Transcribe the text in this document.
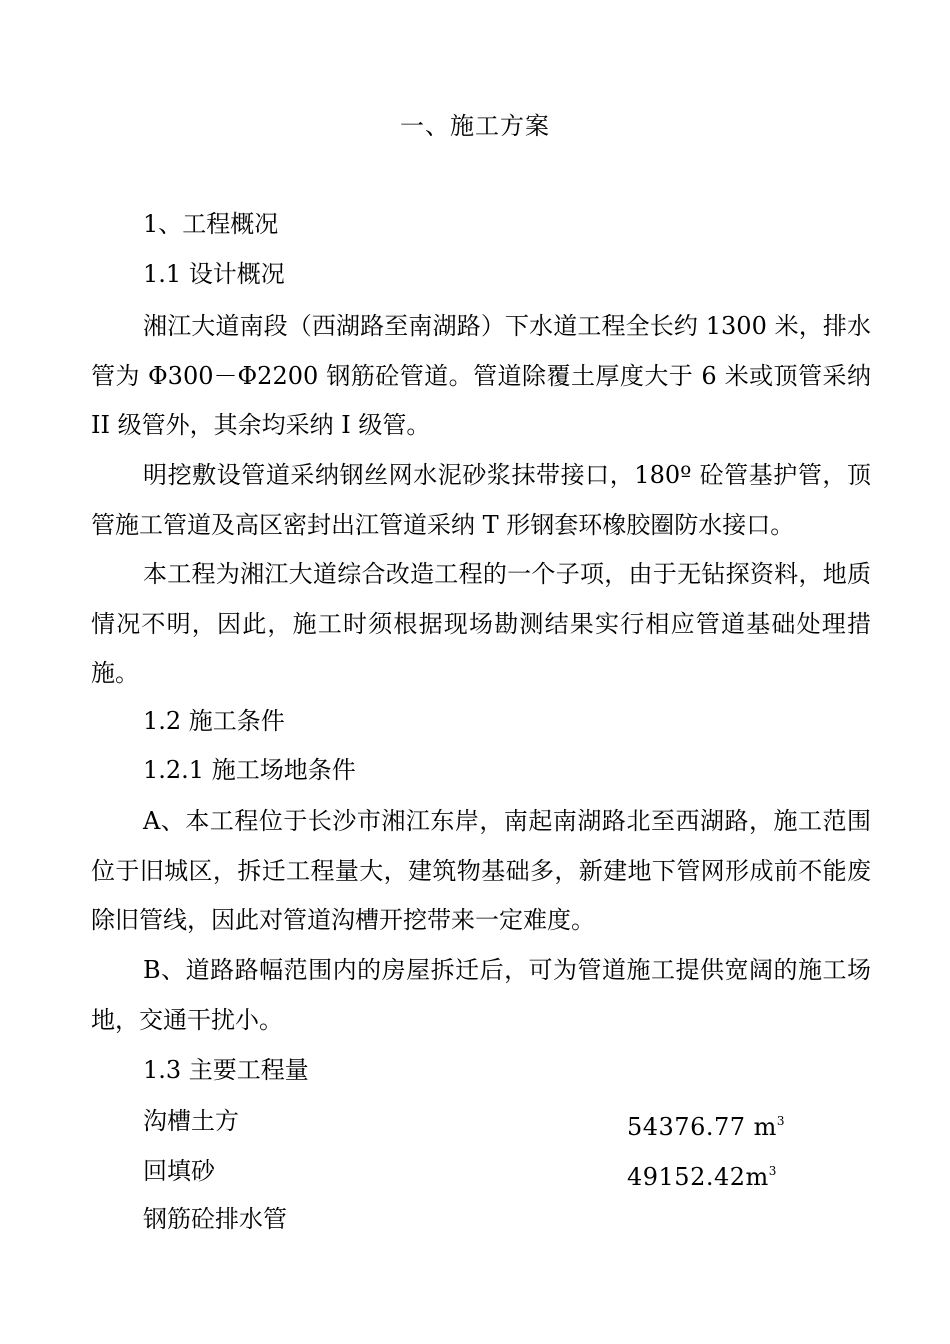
一、施工方案
1、工程概况
1.1 设计概况

湘江大道南段（西湖路至南湖路）下水道工程全长约 1300 米，排水管为 Φ300－Φ2200 钢筋砼管道。管道除覆土厚度大于 6 米或顶管采纳 II 级管外，其余均采纳 I 级管。

明挖敷设管道采纳钢丝网水泥砂浆抹带接口，180º 砼管基护管，顶管施工管道及高区密封出江管道采纳 T 形钢套环橡胶圈防水接口。

本工程为湘江大道综合改造工程的一个子项，由于无钻探资料，地质情况不明，因此，施工时须根据现场勘测结果实行相应管道基础处理措施。

1.2 施工条件
1.2.1 施工场地条件

A、本工程位于长沙市湘江东岸，南起南湖路北至西湖路，施工范围位于旧城区，拆迁工程量大，建筑物基础多，新建地下管网形成前不能废除旧管线，因此对管道沟槽开挖带来一定难度。

B、道路路幅范围内的房屋拆迁后，可为管道施工提供宽阔的施工场地，交通干扰小。

1.3 主要工程量
沟槽土方	54376.77 $m^3$
回填砂	$49152.42m^3$
钢筋砼排水管
